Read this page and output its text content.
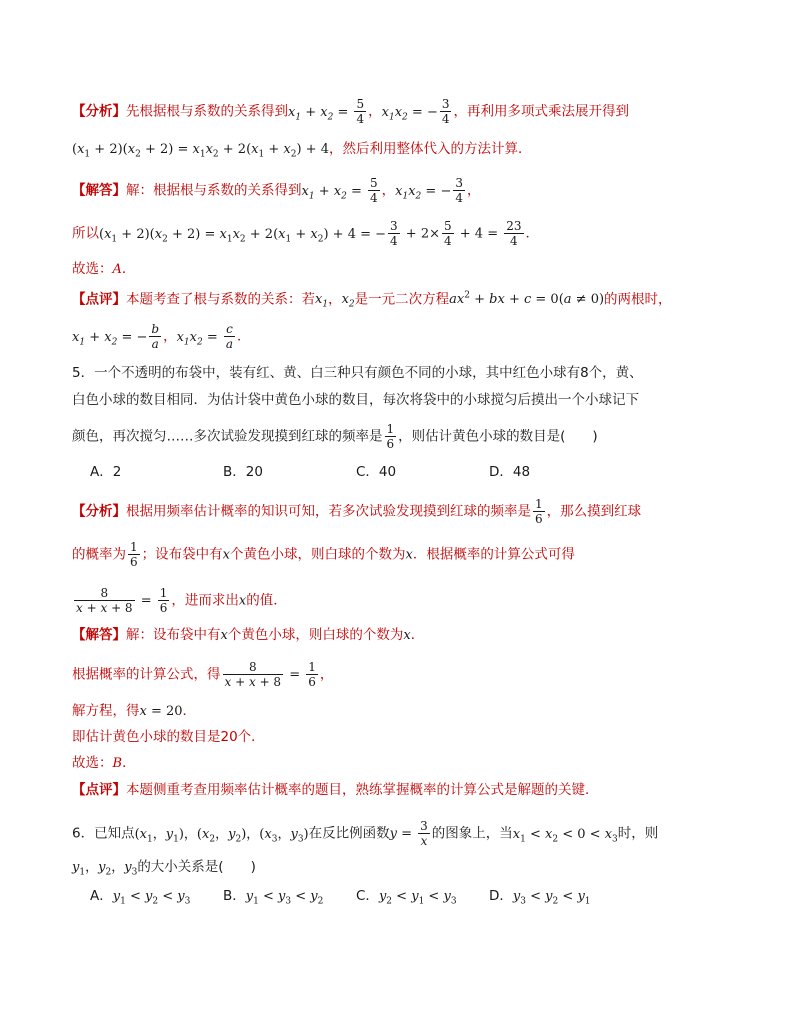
【分析】先根据根与系数的关系得到$x_1 + x_2 = \frac{5}{4}$ ，$x_1x_2$ = − $\frac{3}{4}$ ，再利用多项式乘法展开得到
$(x_1 + 2)(x_2 + 2) = x_1x_2 + 2(x_1 + x_2) + 4$，然后利用整体代入的方法计算．
【解答】解：根据根与系数的关系得到$x_1 + x_2 = \frac{5}{4}$ ，$x_1x_2$ = − $\frac{3}{4}$ ，
所以$(x_1 + 2)(x_2 + 2) = x_1x_2 + 2(x_1 + x_2) + 4$ = − $\frac{3}{4} + 2\times \frac{5}{4} + 4 = \frac{23}{4}$ ．
故选：A．
【点评】本题考查了根与系数的关系：若$x_1$，$x_2$是一元二次方程$ax^2$ + bx + c = 0(a ≠ 0)的两根时，
$x_1 + x_2$ = − $\frac{b}{a}$ ，$x_1x_2 = \frac{c}{a}$ ．
5．一个不透明的布袋中，装有红、黄、白三种只有颜色不同的小球，其中红色小球有8个，黄、
白色小球的数目相同．为估计袋中黄色小球的数目，每次将袋中的小球搅匀后摸出一个小球记下
颜色，再次搅匀……多次试验发现摸到红球的频率是 $\frac{1}{6}$ ，则估计黄色小球的数目是(　　)
A．2	B．20	C．40	D．48
【分析】根据用频率估计概率的知识可知，若多次试验发现摸到红球的频率是 $\frac{1}{6}$ ，那么摸到红球
的概率为 $\frac{1}{6}$ ；设布袋中有x个黄色小球，则白球的个数为x．根据概率的计算公式可得
$\frac{8}{x + x + 8} = \frac{1}{6}$ ，进而求出x的值．
【解答】解：设布袋中有x个黄色小球，则白球的个数为x．
根据概率的计算公式，得 $\frac{8}{x + x + 8} = \frac{1}{6}$ ，
解方程，得x = 20．
即估计黄色小球的数目是20个．
故选：B．
【点评】本题侧重考查用频率估计概率的题目，熟练掌握概率的计算公式是解题的关键．
6．已知点($x_1$，$y_1$)，($x_2$，$y_2$)，($x_3$，$y_3$)在反比例函数$y = \frac{3}{x}$ 的图象上，当$x_1 < x_2 < 0 < x_3$时，则
$y_1$，$y_2$，$y_3$的大小关系是(　　)
A．$y_1 < y_2 < y_3$ B．$y_1 < y_3 < y_2$ C．$y_2 < y_1 < y_3$ D．$y_3 < y_2 < y_1$
